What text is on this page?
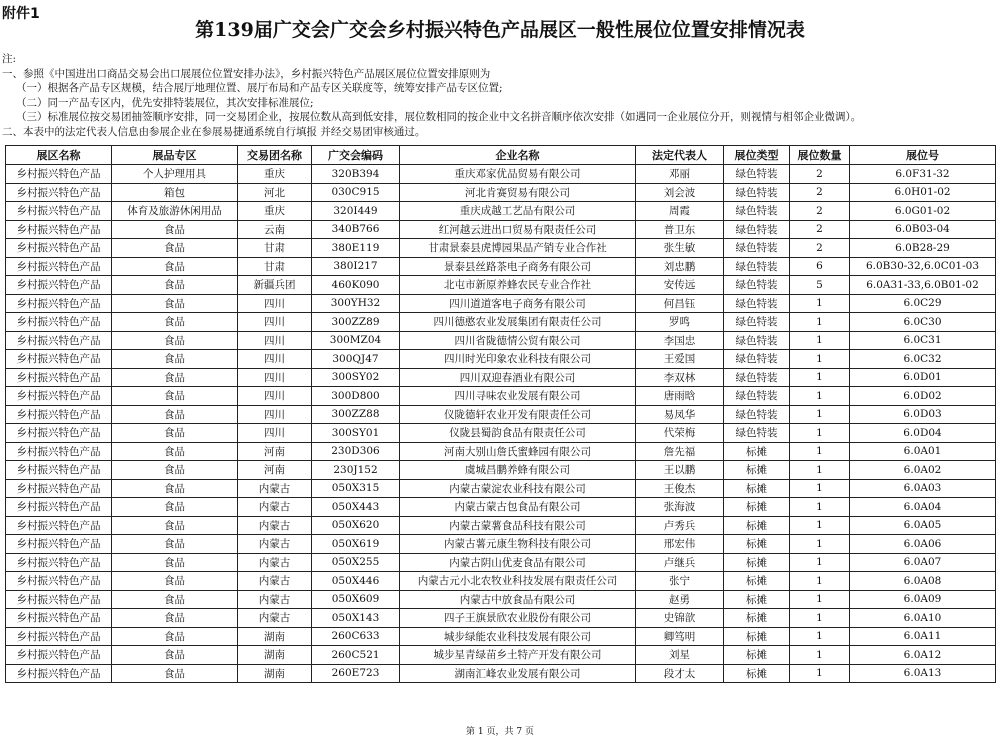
附件1
第139届广交会广交会乡村振兴特色产品展区一般性展位位置安排情况表
注:
一、参照《中国进出口商品交易会出口展展位位置安排办法》，乡村振兴特色产品展区展位位置安排原则为
（一）根据各产品专区规模，结合展厅地理位置、展厅布局和产品专区关联度等，统筹安排产品专区位置;
（二）同一产品专区内，优先安排特装展位，其次安排标准展位;
（三）标准展位按交易团抽签顺序安排，同一交易团企业，按展位数从高到低安排，展位数相同的按企业中文名拼音顺序依次安排（如遇同一企业展位分开，则视情与相邻企业微调）。
二、本表中的法定代表人信息由参展企业在参展易捷通系统自行填报 并经交易团审核通过。
展区名称	展品专区	交易团名称	广交会编码	企业名称	法定代表人	展位类型	展位数量	展位号
乡村振兴特色产品	个人护理用具	重庆	320B394	重庆邓家优品贸易有限公司	邓丽	绿色特装	2	6.0F31-32
乡村振兴特色产品	箱包	河北	030C915	河北肯赛贸易有限公司	刘会波	绿色特装	2	6.0H01-02
乡村振兴特色产品	体育及旅游休闲用品	重庆	320I449	重庆成越工艺品有限公司	周霞	绿色特装	2	6.0G01-02
乡村振兴特色产品	食品	云南	340B766	红河越云进出口贸易有限责任公司	普卫东	绿色特装	2	6.0B03-04
乡村振兴特色产品	食品	甘肃	380E119	甘肃景泰县虎博园果品产销专业合作社	张生敏	绿色特装	2	6.0B28-29
乡村振兴特色产品	食品	甘肃	380I217	景泰县丝路茶电子商务有限公司	刘忠鹏	绿色特装	6	6.0B30-32,6.0C01-03
乡村振兴特色产品	食品	新疆兵团	460K090	北屯市新原养蜂农民专业合作社	安传远	绿色特装	5	6.0A31-33,6.0B01-02
乡村振兴特色产品	食品	四川	300YH32	四川道道客电子商务有限公司	何昌钰	绿色特装	1	6.0C29
乡村振兴特色产品	食品	四川	300ZZ89	四川德憨农业发展集团有限责任公司	罗鸣	绿色特装	1	6.0C30
乡村振兴特色产品	食品	四川	300MZ04	四川省陇德情公贸有限公司	李国忠	绿色特装	1	6.0C31
乡村振兴特色产品	食品	四川	300QJ47	四川时光印象农业科技有限公司	王爱国	绿色特装	1	6.0C32
乡村振兴特色产品	食品	四川	300SY02	四川双迎春酒业有限公司	李双林	绿色特装	1	6.0D01
乡村振兴特色产品	食品	四川	300D800	四川寻味农业发展有限公司	唐雨晗	绿色特装	1	6.0D02
乡村振兴特色产品	食品	四川	300ZZ88	仪陇德轩农业开发有限责任公司	易凤华	绿色特装	1	6.0D03
乡村振兴特色产品	食品	四川	300SY01	仪陇县蜀韵食品有限责任公司	代荣梅	绿色特装	1	6.0D04
乡村振兴特色产品	食品	河南	230D306	河南大别山詹氏蜜蜂园有限公司	詹先福	标摊	1	6.0A01
乡村振兴特色产品	食品	河南	230J152	虞城昌鹏养蜂有限公司	王以鹏	标摊	1	6.0A02
乡村振兴特色产品	食品	内蒙古	050X315	内蒙古蒙淀农业科技有限公司	王俊杰	标摊	1	6.0A03
乡村振兴特色产品	食品	内蒙古	050X443	内蒙古蒙古包食品有限公司	张海波	标摊	1	6.0A04
乡村振兴特色产品	食品	内蒙古	050X620	内蒙古蒙薯食品科技有限公司	卢秀兵	标摊	1	6.0A05
乡村振兴特色产品	食品	内蒙古	050X619	内蒙古薯元康生物科技有限公司	邢宏伟	标摊	1	6.0A06
乡村振兴特色产品	食品	内蒙古	050X255	内蒙古阴山优麦食品有限公司	卢继兵	标摊	1	6.0A07
乡村振兴特色产品	食品	内蒙古	050X446	内蒙古元小北农牧业科技发展有限责任公司	张宁	标摊	1	6.0A08
乡村振兴特色产品	食品	内蒙古	050X609	内蒙古中放食品有限公司	赵勇	标摊	1	6.0A09
乡村振兴特色产品	食品	内蒙古	050X143	四子王旗景欣农业股份有限公司	史锦歆	标摊	1	6.0A10
乡村振兴特色产品	食品	湖南	260C633	城步绿能农业科技发展有限公司	卿笃明	标摊	1	6.0A11
乡村振兴特色产品	食品	湖南	260C521	城步星青绿苗乡土特产开发有限公司	刘星	标摊	1	6.0A12
乡村振兴特色产品	食品	湖南	260E723	湖南汇峰农业发展有限公司	段才太	标摊	1	6.0A13
第 1 页，共 7 页
